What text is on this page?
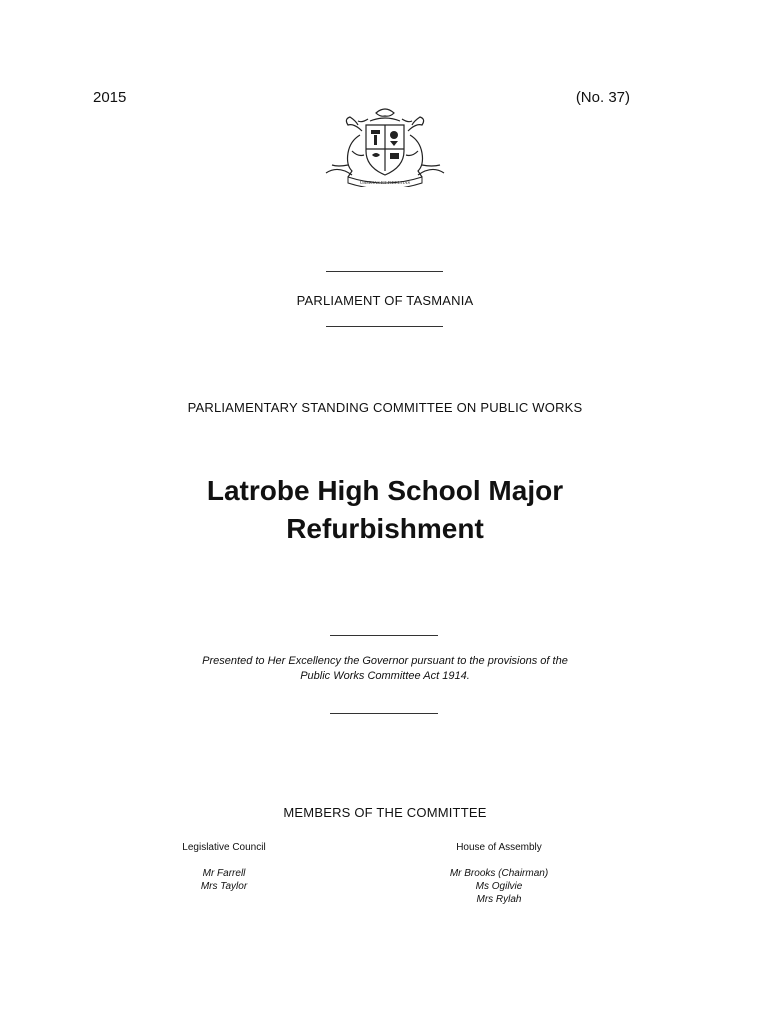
2015	(No. 37)
UBERTAS ET FIDELITAS
PARLIAMENT OF TASMANIA
PARLIAMENTARY STANDING COMMITTEE ON PUBLIC WORKS
Latrobe High School Major
Refurbishment
Presented to Her Excellency the Governor pursuant to the provisions of the
Public Works Committee Act 1914.
MEMBERS OF THE COMMITTEE
Legislative Council
Mr Farrell
Mrs Taylor
House of Assembly
Mr Brooks (Chairman)
Ms Ogilvie
Mrs Rylah
